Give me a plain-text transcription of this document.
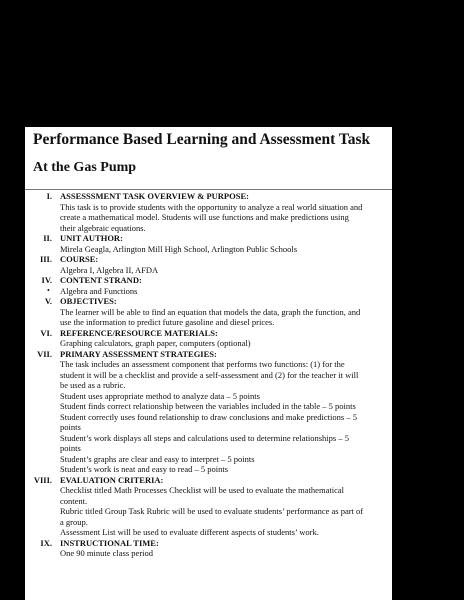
Performance Based Learning and Assessment Task
At the Gas Pump
I. ASSESSSMENT TASK OVERVIEW & PURPOSE:
This task is to provide students with the opportunity to analyze a real world situation and
create a mathematical model. Students will use functions and make predictions using
their algebraic equations.
II. UNIT AUTHOR:
Mirela Geagla, Arlington Mill High School, Arlington Public Schools
III. COURSE:
Algebra I, Algebra II, AFDA
IV. CONTENT STRAND:
• Algebra and Functions
V. OBJECTIVES:
The learner will be able to find an equation that models the data, graph the function, and
use the information to predict future gasoline and diesel prices.
VI. REFERENCE/RESOURCE MATERIALS:
Graphing calculators, graph paper, computers (optional)
VII. PRIMARY ASSESSMENT STRATEGIES:
The task includes an assessment component that performs two functions: (1) for the
student it will be a checklist and provide a self-assessment and (2) for the teacher it will
be used as a rubric.
Student uses appropriate method to analyze data – 5 points
Student finds correct relationship between the variables included in the table – 5 points
Student correctly uses found relationship to draw conclusions and make predictions – 5
points
Student’s work displays all steps and calculations used to determine relationships – 5
points
Student’s graphs are clear and easy to interpret – 5 points
Student’s work is neat and easy to read – 5 points
VIII. EVALUATION CRITERIA:
Checklist titled Math Processes Checklist will be used to evaluate the mathematical
content.
Rubric titled Group Task Rubric will be used to evaluate students’ performance as part of
a group.
Assessment List will be used to evaluate different aspects of students’ work.
IX. INSTRUCTIONAL TIME:
One 90 minute class period
